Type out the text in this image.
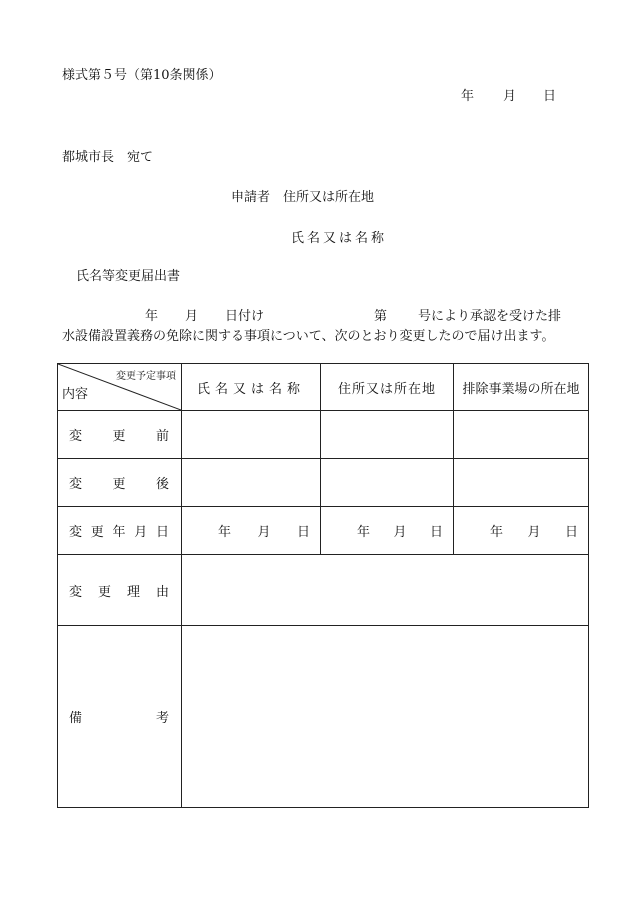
様式第５号（第10条関係）
年 月 日
都城市長　宛て
申請者　住所又は所在地
氏名又は名称
氏名等変更届出書
年 月 日付け	第 号により承認を受けた排
水設備設置義務の免除に関する事項について、次のとおり変更したので届け出ます。
変更予定事項
内容	氏名又は名称	住所又は所在地	排除事業場の所在地

変 更 前			

変 更 後			

変 更 年 月 日	年 月 日	年 月 日	年 月 日

変 更 理 由			

備 考			
